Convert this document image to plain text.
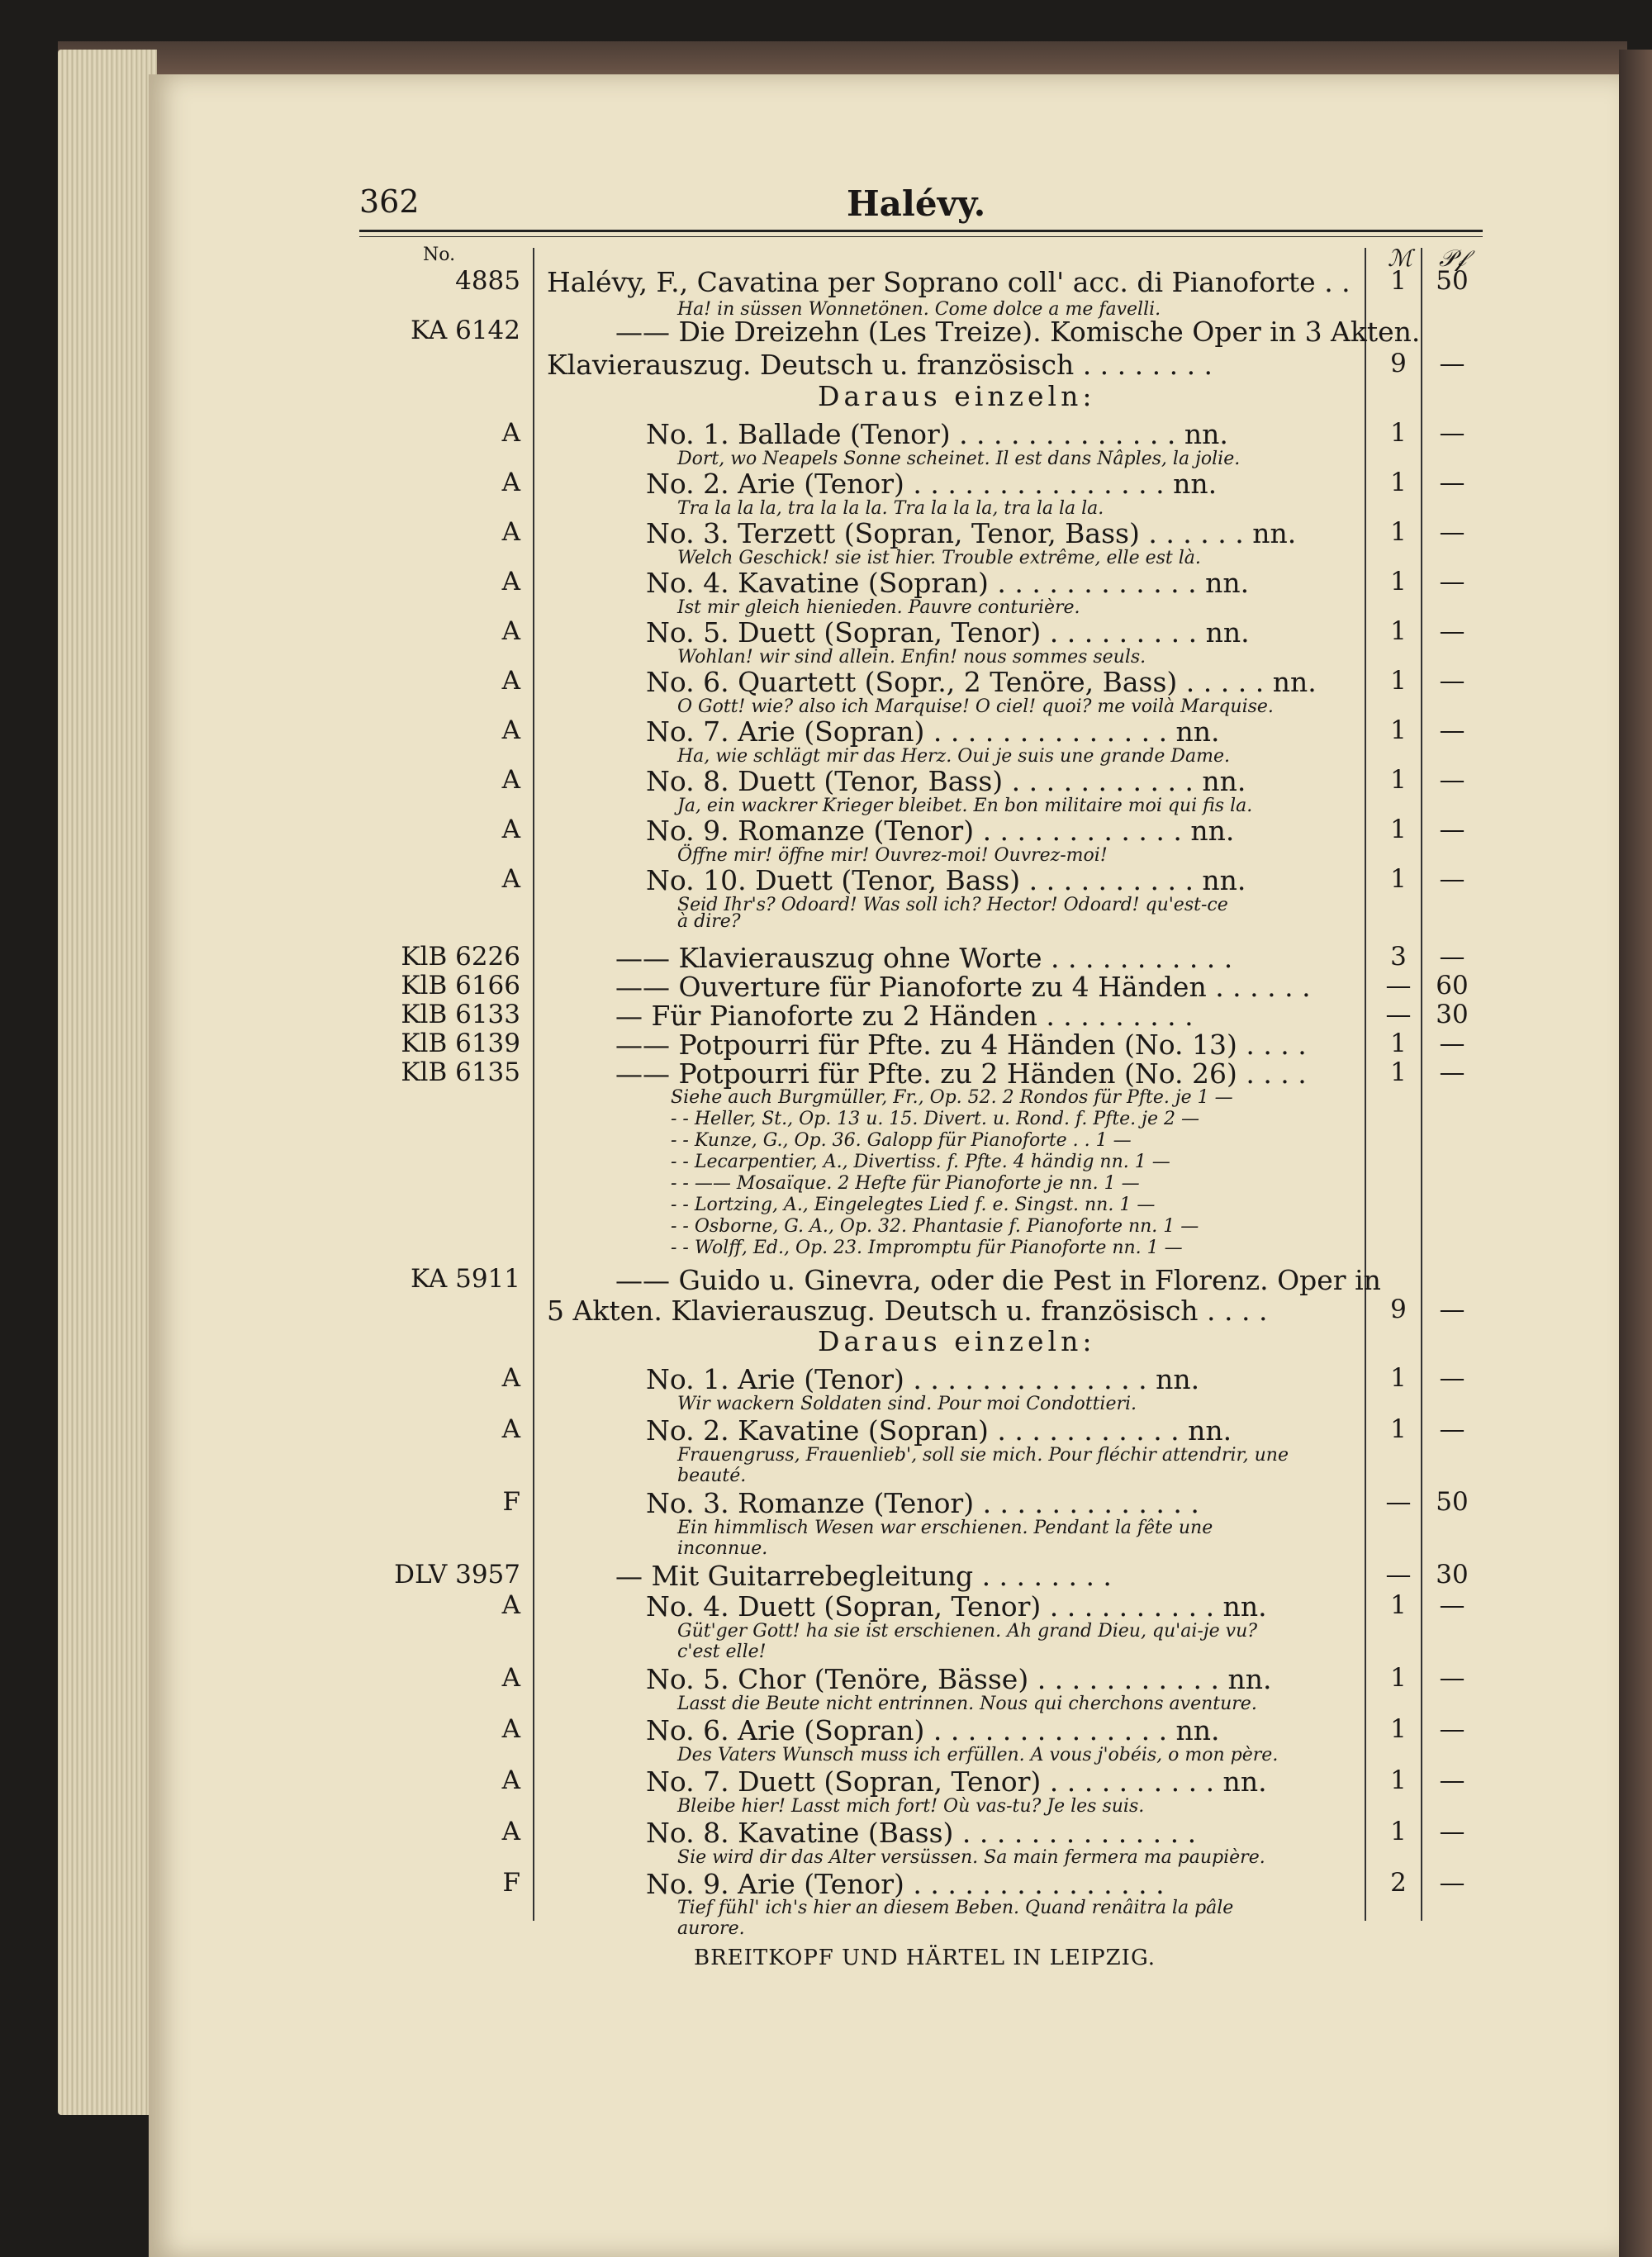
362	Halévy.
No.	ℳ 𝒫𝒻
4885 Halévy, F., Cavatina per Soprano coll' acc. di Pianoforte . .	1	50
Ha! in süssen Wonnetönen. Come dolce a me favelli.
KA 6142	—— Die Dreizehn (Les Treize). Komische Oper in 3 Akten.
Klavierauszug. Deutsch u. französisch . . . . . . . .	9	—
Daraus einzeln:
A	No. 1. Ballade (Tenor) . . . . . . . . . . . . . nn.	1	—
Dort, wo Neapels Sonne scheinet. Il est dans Nâples, la jolie.
A	No. 2. Arie (Tenor) . . . . . . . . . . . . . . . nn.	1	—
Tra la la la, tra la la la. Tra la la la, tra la la la.
A	No. 3. Terzett (Sopran, Tenor, Bass) . . . . . . nn.	1	—
Welch Geschick! sie ist hier. Trouble extrême, elle est là.
A	No. 4. Kavatine (Sopran) . . . . . . . . . . . . nn.	1	—
Ist mir gleich hienieden. Pauvre conturière.
A	No. 5. Duett (Sopran, Tenor) . . . . . . . . . nn.	1	—
Wohlan! wir sind allein. Enfin! nous sommes seuls.
A	No. 6. Quartett (Sopr., 2 Tenöre, Bass) . . . . . nn.	1	—
O Gott! wie? also ich Marquise! O ciel! quoi? me voilà Marquise.
A	No. 7. Arie (Sopran) . . . . . . . . . . . . . . nn.	1	—
Ha, wie schlägt mir das Herz. Oui je suis une grande Dame.
A	No. 8. Duett (Tenor, Bass) . . . . . . . . . . . nn.	1	—
Ja, ein wackrer Krieger bleibet. En bon militaire moi qui fis la.
A	No. 9. Romanze (Tenor) . . . . . . . . . . . . nn.	1	—
Öffne mir! öffne mir! Ouvrez-moi! Ouvrez-moi!
A	No. 10. Duett (Tenor, Bass) . . . . . . . . . . nn.	1	—
Seid Ihr's? Odoard! Was soll ich? Hector! Odoard! qu'est-ce
à dire?
KlB 6226	—— Klavierauszug ohne Worte . . . . . . . . . . .	3	—
KlB 6166	—— Ouverture für Pianoforte zu 4 Händen . . . . . .	— 60
KlB 6133	— Für Pianoforte zu 2 Händen . . . . . . . . .	— 30
KlB 6139	—— Potpourri für Pfte. zu 4 Händen (No. 13) . . . .	1	—
KlB 6135	—— Potpourri für Pfte. zu 2 Händen (No. 26) . . . .	1	—
Siehe auch Burgmüller, Fr., Op. 52. 2 Rondos für Pfte. je 1 —
- - Heller, St., Op. 13 u. 15. Divert. u. Rond. f. Pfte. je 2 —
- - Kunze, G., Op. 36. Galopp für Pianoforte . . 1 —
- - Lecarpentier, A., Divertiss. f. Pfte. 4 händig nn. 1 —
- - —— Mosaïque. 2 Hefte für Pianoforte je nn. 1 —
- - Lortzing, A., Eingelegtes Lied f. e. Singst. nn. 1 —
- - Osborne, G. A., Op. 32. Phantasie f. Pianoforte nn. 1 —
- - Wolff, Ed., Op. 23. Impromptu für Pianoforte nn. 1 —
KA 5911	—— Guido u. Ginevra, oder die Pest in Florenz. Oper in
5 Akten. Klavierauszug. Deutsch u. französisch . . . .	9	—
Daraus einzeln:
A	No. 1. Arie (Tenor) . . . . . . . . . . . . . . nn.	1	—
Wir wackern Soldaten sind. Pour moi Condottieri.
A	No. 2. Kavatine (Sopran) . . . . . . . . . . . nn.	1	—
Frauengruss, Frauenlieb', soll sie mich. Pour fléchir attendrir, une
beauté.
F	No. 3. Romanze (Tenor) . . . . . . . . . . . . .	— 50
Ein himmlisch Wesen war erschienen. Pendant la fête une
inconnue.
DLV 3957	— Mit Guitarrebegleitung . . . . . . . .	— 30
A	No. 4. Duett (Sopran, Tenor) . . . . . . . . . . nn.	1	—
Güt'ger Gott! ha sie ist erschienen. Ah grand Dieu, qu'ai-je vu?
c'est elle!
A	No. 5. Chor (Tenöre, Bässe) . . . . . . . . . . . nn.	1	—
Lasst die Beute nicht entrinnen. Nous qui cherchons aventure.
A	No. 6. Arie (Sopran) . . . . . . . . . . . . . . nn.	1	—
Des Vaters Wunsch muss ich erfüllen. A vous j'obéis, o mon père.
A	No. 7. Duett (Sopran, Tenor) . . . . . . . . . . nn.	1	—
Bleibe hier! Lasst mich fort! Où vas-tu? Je les suis.
A	No. 8. Kavatine (Bass) . . . . . . . . . . . . . .	1	—
Sie wird dir das Alter versüssen. Sa main fermera ma paupière.
F	No. 9. Arie (Tenor) . . . . . . . . . . . . . . .	2	—
Tief fühl' ich's hier an diesem Beben. Quand renâitra la pâle
aurore.
BREITKOPF UND HÄRTEL IN LEIPZIG.
